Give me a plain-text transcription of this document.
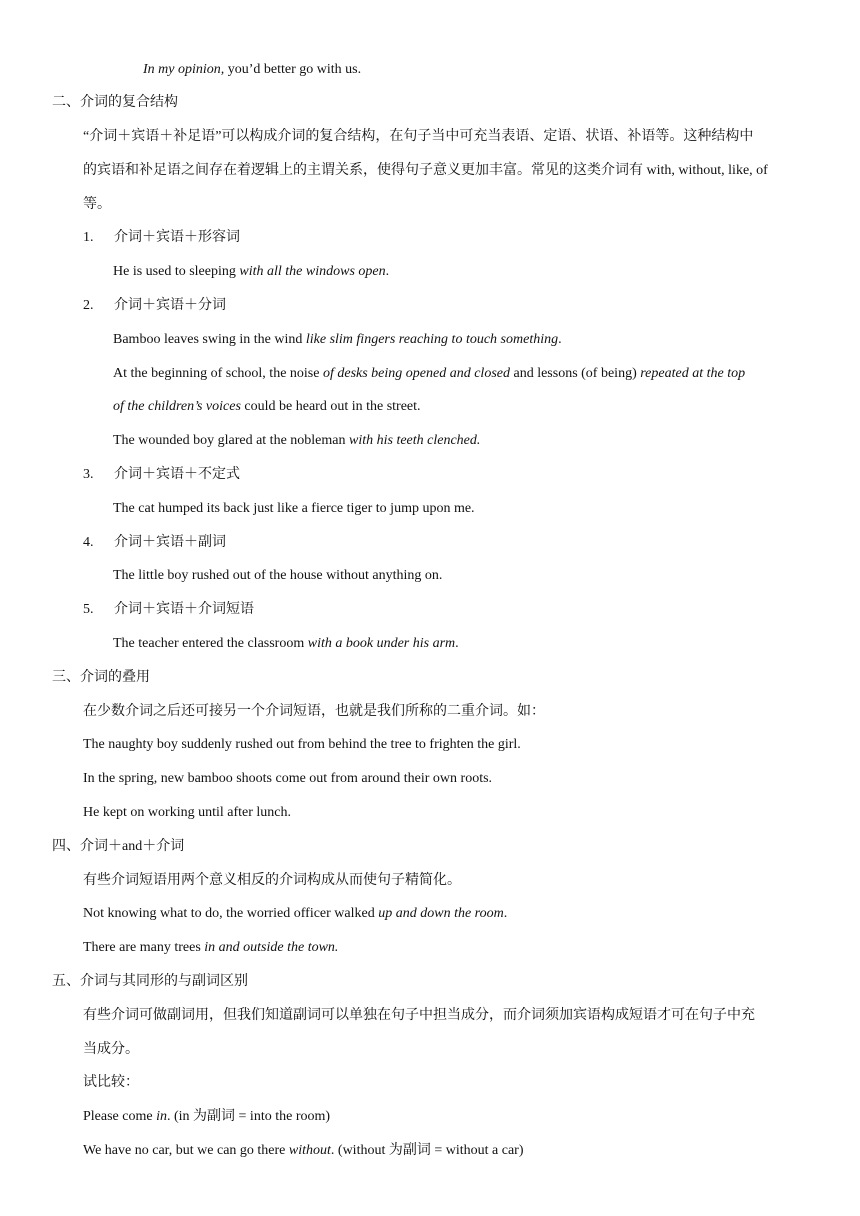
In my opinion, you’d better go with us.
二、介词的复合结构
“介词＋宾语＋补足语”可以构成介词的复合结构，在句子当中可充当表语、定语、状语、补语等。这种结构中
的宾语和补足语之间存在着逻辑上的主谓关系，使得句子意义更加丰富。常见的这类介词有 with, without, like, of
等。
1. 介词＋宾语＋形容词
He is used to sleeping with all the windows open.
2. 介词＋宾语＋分词
Bamboo leaves swing in the wind like slim fingers reaching to touch something.
At the beginning of school, the noise of desks being opened and closed and lessons (of being) repeated at the top
of the children’s voices could be heard out in the street.
The wounded boy glared at the nobleman with his teeth clenched.
3. 介词＋宾语＋不定式
The cat humped its back just like a fierce tiger to jump upon me.
4. 介词＋宾语＋副词
The little boy rushed out of the house without anything on.
5. 介词＋宾语＋介词短语
The teacher entered the classroom with a book under his arm.
三、介词的叠用
在少数介词之后还可接另一个介词短语，也就是我们所称的二重介词。如：
The naughty boy suddenly rushed out from behind the tree to frighten the girl.
In the spring, new bamboo shoots come out from around their own roots.
He kept on working until after lunch.
四、介词＋and＋介词
有些介词短语用两个意义相反的介词构成从而使句子精简化。
Not knowing what to do, the worried officer walked up and down the room.
There are many trees in and outside the town.
五、介词与其同形的与副词区别
有些介词可做副词用，但我们知道副词可以单独在句子中担当成分，而介词须加宾语构成短语才可在句子中充
当成分。
试比较：
Please come in. (in 为副词 = into the room)
We have no car, but we can go there without. (without 为副词 = without a car)
